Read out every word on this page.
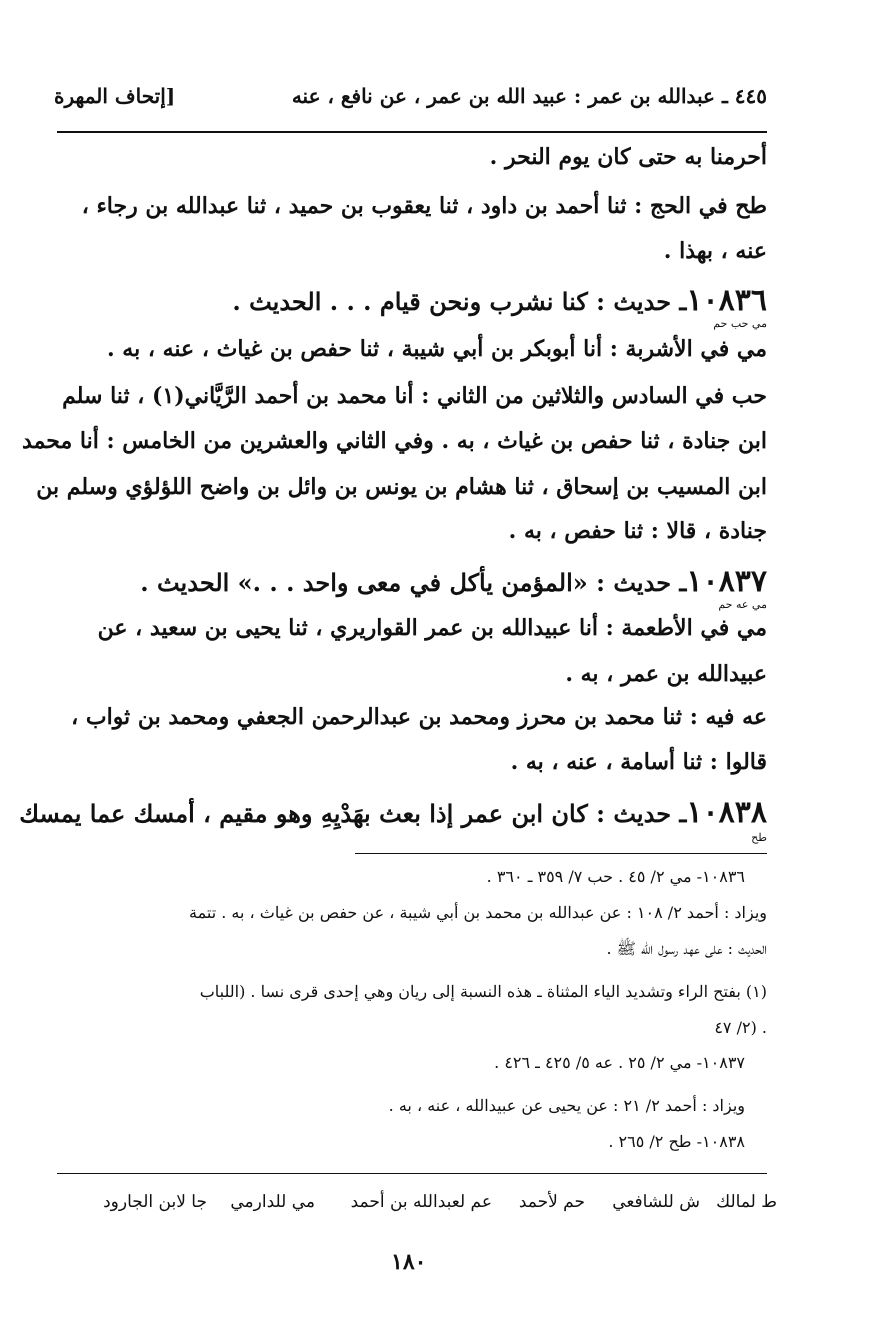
٤٤٥ ـ عبدالله بن عمر : عبيد الله بن عمر ، عن نافع ، عنه
[إتحاف المهرة
أحرمنا به حتى كان يوم النحر .
طح في الحج : ثنا أحمد بن داود ، ثنا يعقوب بن حميد ، ثنا عبدالله بن رجاء ،
عنه ، بهذا .
١٠٨٣٦ـ حديث : كنا نشرب ونحن قيام . . . الحديث .
مي حب حم
مي في الأشربة : أنا أبوبكر بن أبي شيبة ، ثنا حفص بن غياث ، عنه ، به .
حب في السادس والثلاثين من الثاني : أنا محمد بن أحمد الرَّيَّاني(١) ، ثنا سلم
ابن جنادة ، ثنا حفص بن غياث ، به . وفي الثاني والعشرين من الخامس : أنا محمد
ابن المسيب بن إسحاق ، ثنا هشام بن يونس بن وائل بن واضح اللؤلؤي وسلم بن
جنادة ، قالا : ثنا حفص ، به .
١٠٨٣٧ـ حديث : «المؤمن يأكل في معى واحد . . .» الحديث .
مي عه حم
مي في الأطعمة : أنا عبيدالله بن عمر القواريري ، ثنا يحيى بن سعيد ، عن
عبيدالله بن عمر ، به .
عه فيه : ثنا محمد بن محرز ومحمد بن عبدالرحمن الجعفي ومحمد بن ثواب ،
قالوا : ثنا أسامة ، عنه ، به .
١٠٨٣٨ـ حديث : كان ابن عمر إذا بعث بهَدْيِهِ وهو مقيم ، أمسك عما يمسك
طح
١٠٨٣٦- مي ٢/ ٤٥ . حب ٧/ ٣٥٩ ـ ٣٦٠ .
ويزاد : أحمد ٢/ ١٠٨ : عن عبدالله بن محمد بن أبي شيبة ، عن حفص بن غياث ، به . تتمة
الحديث : على عهد رسول الله ﷺ .
(١) بفتح الراء وتشديد الياء المثناة ـ هذه النسبة إلى ريان وهي إحدى قرى نسا . (اللباب
٢/ ٤٧) .
١٠٨٣٧- مي ٢/ ٢٥ . عه ٥/ ٤٢٥ ـ ٤٢٦ .
ويزاد : أحمد ٢/ ٢١ : عن يحيى عن عبيدالله ، عنه ، به .
١٠٨٣٨- طح ٢/ ٢٦٥ .
ط لمالك
ش للشافعي
حم لأحمد
عم لعبدالله بن أحمد
مي للدارمي
جا لابن الجارود
١٨٠
